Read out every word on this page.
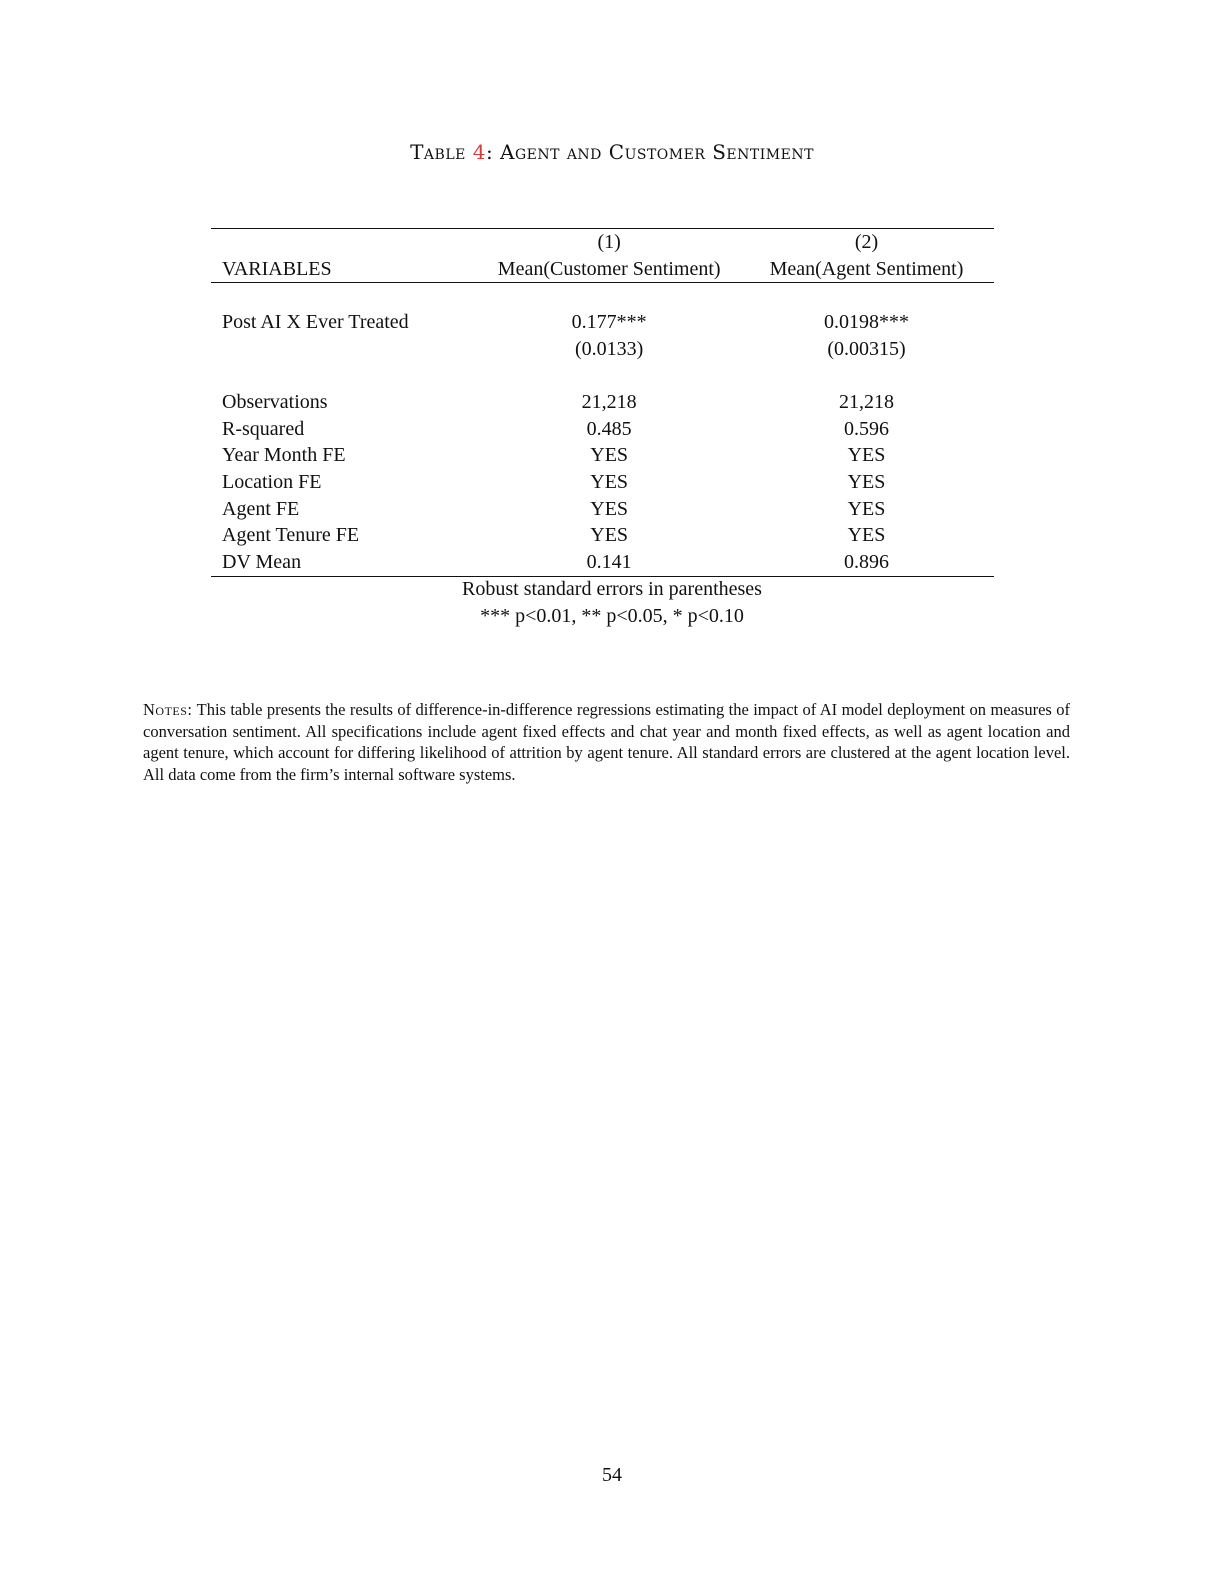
Table 4: Agent and Customer Sentiment
	(1)	(2)
VARIABLES	Mean(Customer Sentiment)	Mean(Agent Sentiment)

Post AI X Ever Treated	0.177***	0.0198***
	(0.0133)	(0.00315)

Observations	21,218	21,218
R-squared	0.485	0.596
Year Month FE	YES	YES
Location FE	YES	YES
Agent FE	YES	YES
Agent Tenure FE	YES	YES
DV Mean	0.141	0.896
Robust standard errors in parentheses
*** p<0.01, ** p<0.05, * p<0.10
Notes: This table presents the results of difference-in-difference regressions estimating the impact of AI model deployment on measures of conversation sentiment. All specifications include agent fixed effects and chat year and month fixed effects, as well as agent location and agent tenure, which account for differing likelihood of attrition by agent tenure. All standard errors are clustered at the agent location level. All data come from the firm’s internal software systems.
54
